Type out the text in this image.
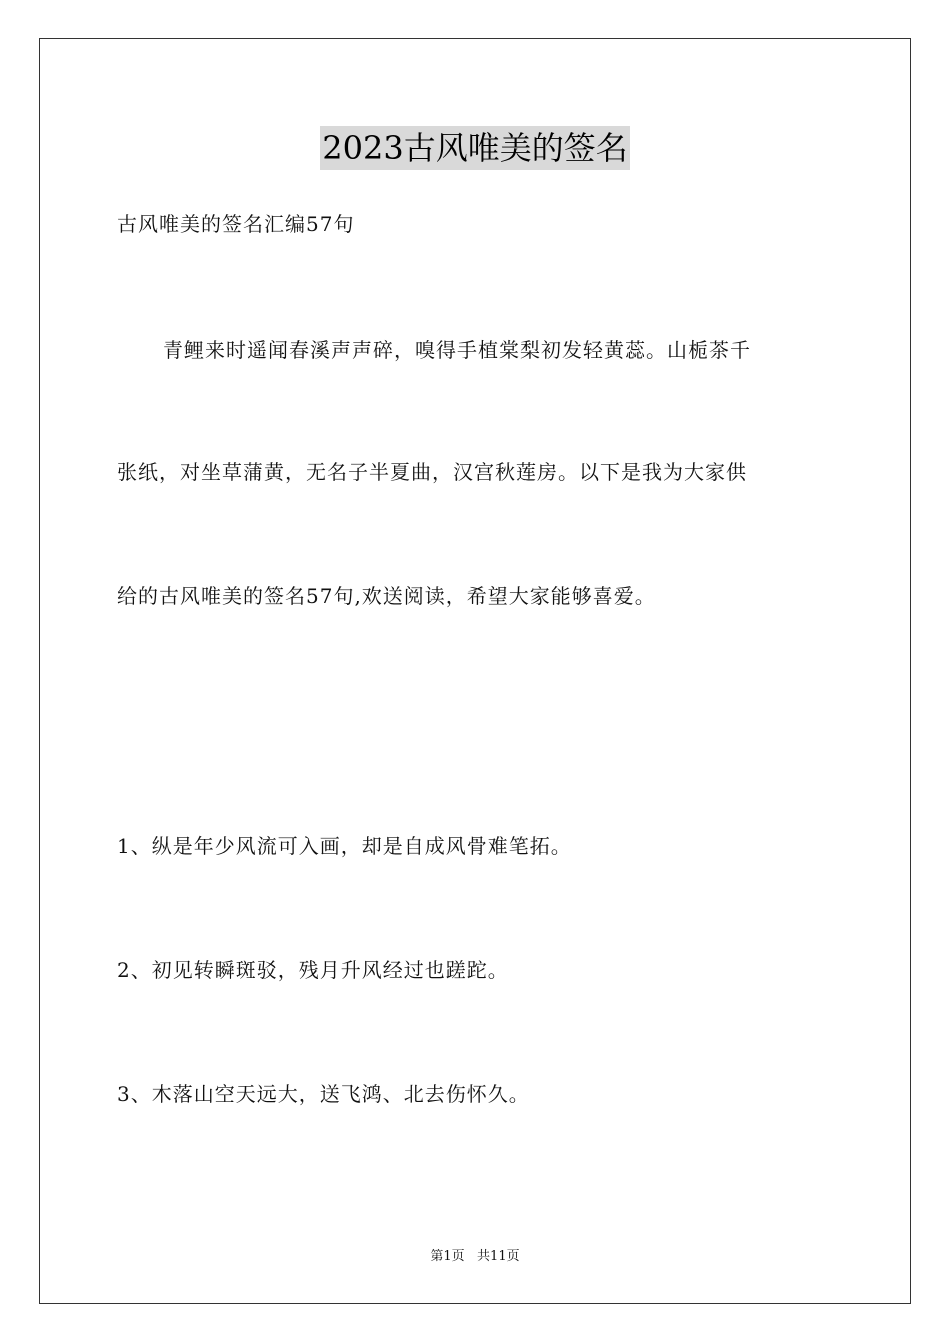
2023古风唯美的签名
古风唯美的签名汇编57句
青鲤来时遥闻春溪声声碎，嗅得手植棠梨初发轻黄蕊。山栀茶千
张纸，对坐草蒲黄，无名子半夏曲，汉宫秋莲房。以下是我为大家供
给的古风唯美的签名57句,欢送阅读，希望大家能够喜爱。
1、纵是年少风流可入画，却是自成风骨难笔拓。
2、初见转瞬斑驳，残月升风经过也蹉跎。
3、木落山空天远大，送飞鸿、北去伤怀久。
第1页   共11页
